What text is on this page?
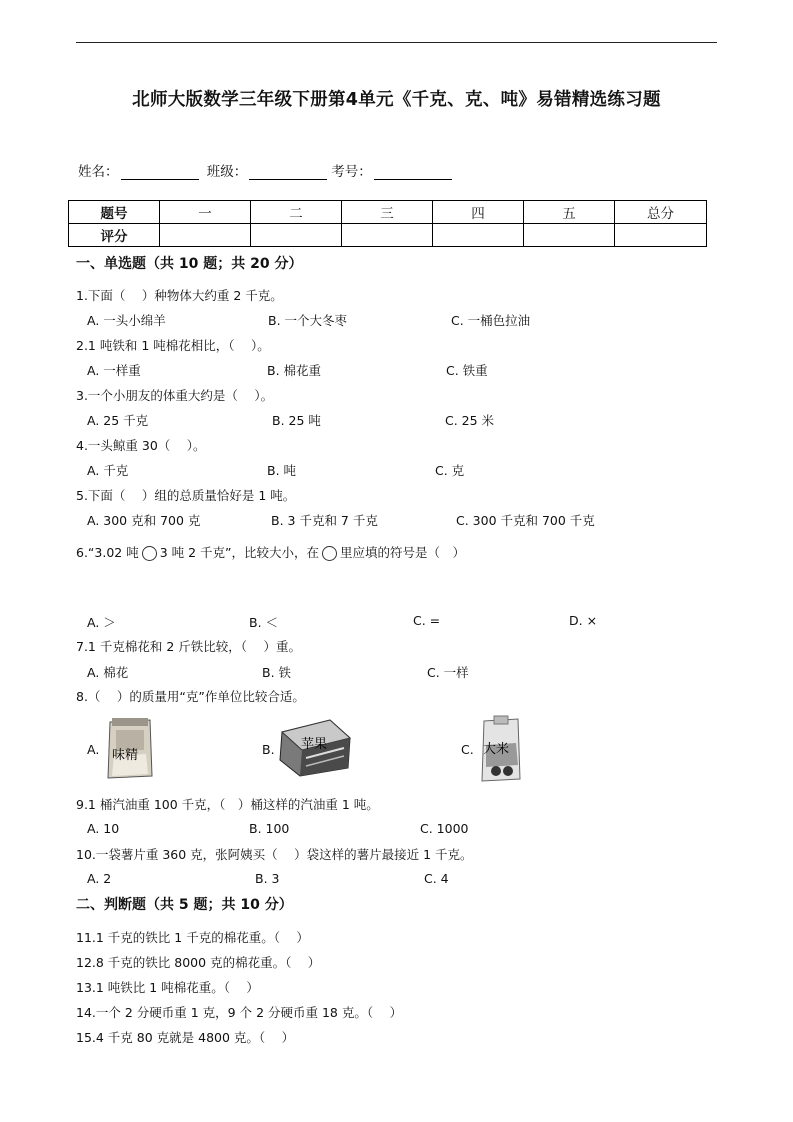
北师大版数学三年级下册第4单元《千克、克、吨》易错精选练习题
姓名：	班级：	考号：
题号	一	二	三	四	五	总分
评分						
一、单选题（共 10 题；共 20 分）
1.下面（　 ）种物体大约重 2 千克。
A. 一头小绵羊	B. 一个大冬枣	C. 一桶色拉油
2.1 吨铁和 1 吨棉花相比，（　 ）。
A. 一样重	B. 棉花重	C. 铁重
3.一个小朋友的体重大约是（　 ）。
A. 25 千克	B. 25 吨	C. 25 米
4.一头鲸重 30（　 ）。
A. 千克	B. 吨	C. 克
5.下面（　 ）组的总质量恰好是 1 吨。
A. 300 克和 700 克	B. 3 千克和 7 千克	C. 300 千克和 700 千克
6.“3.02 吨 3 吨 2 千克”，比较大小，在 里应填的符号是（　）
A. ＞	B. ＜	C. =	D. ×
7.1 千克棉花和 2 斤铁比较，（　 ）重。
A. 棉花	B. 铁	C. 一样
8.（　 ）的质量用“克”作单位比较合适。
A. 味精	B. 苹果	C. 大米
9.1 桶汽油重 100 千克，（　）桶这样的汽油重 1 吨。
A. 10	B. 100	C. 1000
10.一袋薯片重 360 克，张阿姨买（　 ）袋这样的薯片最接近 1 千克。
A. 2	B. 3	C. 4
二、判断题（共 5 题；共 10 分）
11.1 千克的铁比 1 千克的棉花重。（　 ）
12.8 千克的铁比 8000 克的棉花重。（　 ）
13.1 吨铁比 1 吨棉花重。（　 ）
14.一个 2 分硬币重 1 克，9 个 2 分硬币重 18 克。（　 ）
15.4 千克 80 克就是 4800 克。（　 ）
